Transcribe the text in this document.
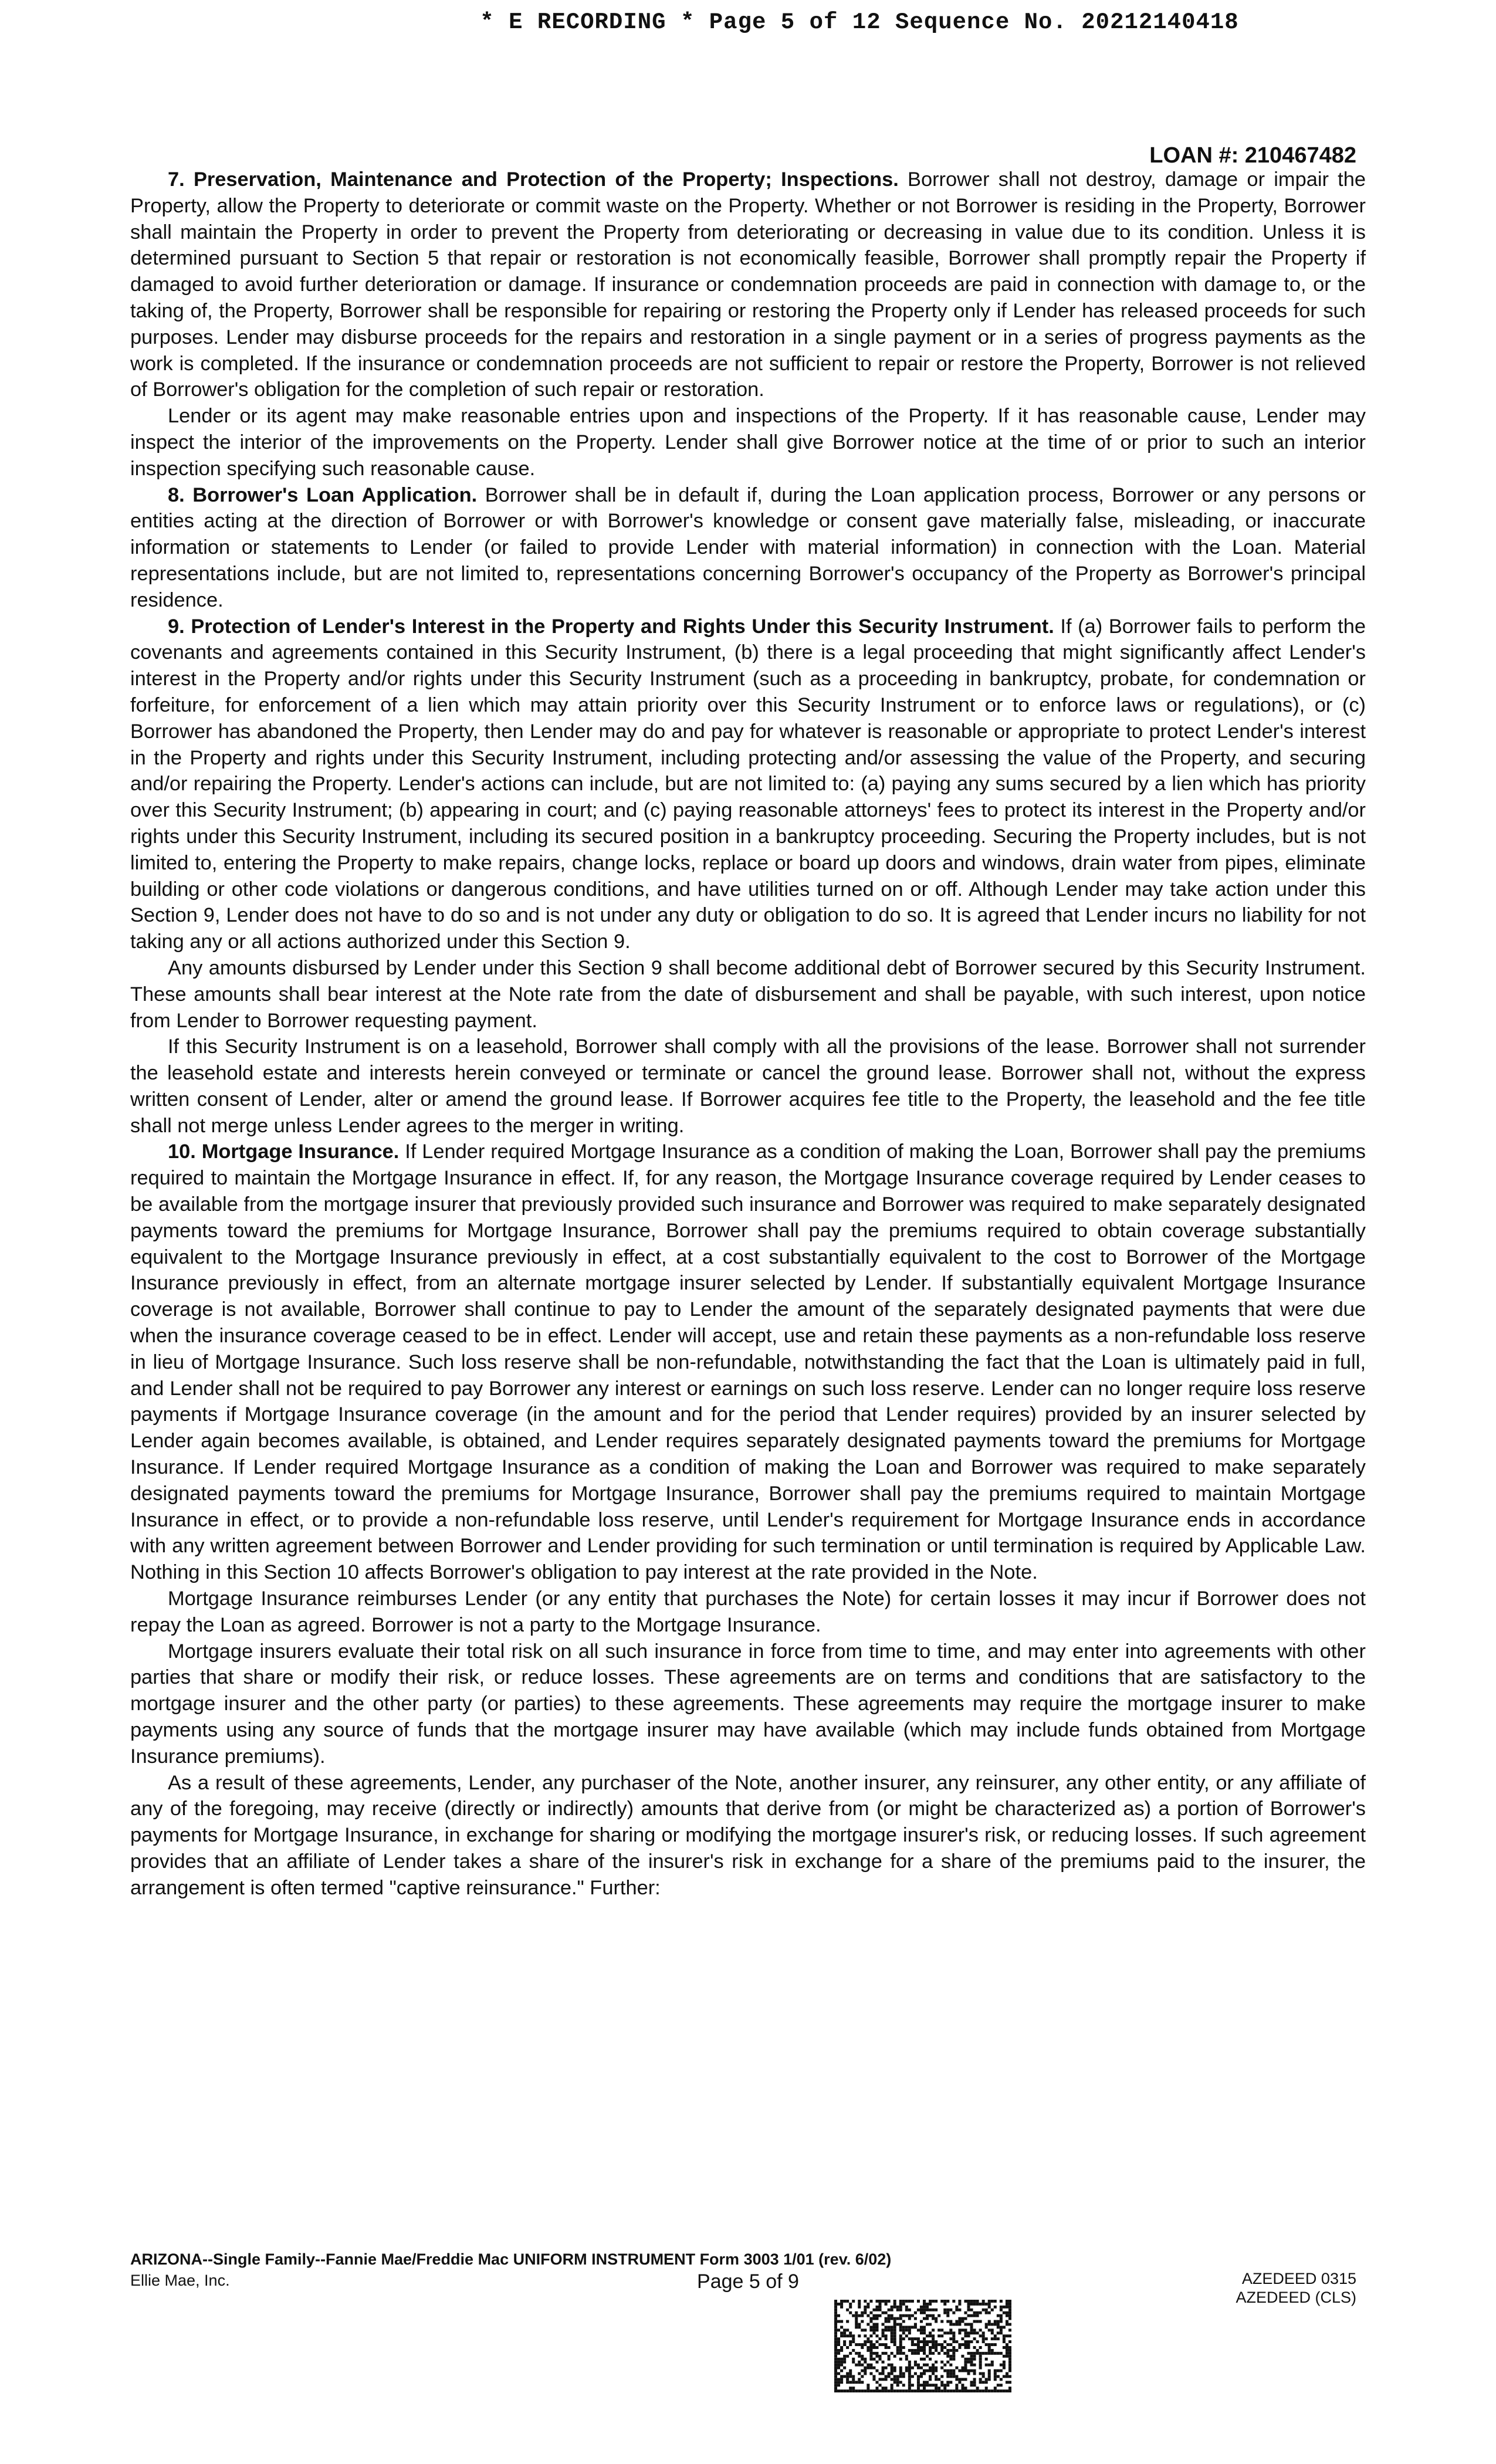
* E RECORDING * Page 5 of 12 Sequence No. 20212140418
LOAN #: 210467482

7. Preservation, Maintenance and Protection of the Property; Inspections. Borrower shall not destroy, damage or impair the Property, allow the Property to deteriorate or commit waste on the Property. Whether or not Borrower is residing in the Property, Borrower shall maintain the Property in order to prevent the Property from deteriorating or decreasing in value due to its condition. Unless it is determined pursuant to Section 5 that repair or restoration is not economically feasible, Borrower shall promptly repair the Property if damaged to avoid further deterioration or damage. If insurance or condemnation proceeds are paid in connection with damage to, or the taking of, the Property, Borrower shall be responsible for repairing or restoring the Property only if Lender has released proceeds for such purposes. Lender may disburse proceeds for the repairs and restoration in a single payment or in a series of progress payments as the work is completed. If the insurance or condemnation proceeds are not sufficient to repair or restore the Property, Borrower is not relieved of Borrower's obligation for the completion of such repair or restoration.

Lender or its agent may make reasonable entries upon and inspections of the Property. If it has reasonable cause, Lender may inspect the interior of the improvements on the Property. Lender shall give Borrower notice at the time of or prior to such an interior inspection specifying such reasonable cause.

8. Borrower's Loan Application. Borrower shall be in default if, during the Loan application process, Borrower or any persons or entities acting at the direction of Borrower or with Borrower's knowledge or consent gave materially false, misleading, or inaccurate information or statements to Lender (or failed to provide Lender with material information) in connection with the Loan. Material representations include, but are not limited to, representations concerning Borrower's occupancy of the Property as Borrower's principal residence.

9. Protection of Lender's Interest in the Property and Rights Under this Security Instrument. If (a) Borrower fails to perform the covenants and agreements contained in this Security Instrument, (b) there is a legal proceeding that might significantly affect Lender's interest in the Property and/or rights under this Security Instrument (such as a proceeding in bankruptcy, probate, for condemnation or forfeiture, for enforcement of a lien which may attain priority over this Security Instrument or to enforce laws or regulations), or (c) Borrower has abandoned the Property, then Lender may do and pay for whatever is reasonable or appropriate to protect Lender's interest in the Property and rights under this Security Instrument, including protecting and/or assessing the value of the Property, and securing and/or repairing the Property. Lender's actions can include, but are not limited to: (a) paying any sums secured by a lien which has priority over this Security Instrument; (b) appearing in court; and (c) paying reasonable attorneys' fees to protect its interest in the Property and/or rights under this Security Instrument, including its secured position in a bankruptcy proceeding. Securing the Property includes, but is not limited to, entering the Property to make repairs, change locks, replace or board up doors and windows, drain water from pipes, eliminate building or other code violations or dangerous conditions, and have utilities turned on or off. Although Lender may take action under this Section 9, Lender does not have to do so and is not under any duty or obligation to do so. It is agreed that Lender incurs no liability for not taking any or all actions authorized under this Section 9.

Any amounts disbursed by Lender under this Section 9 shall become additional debt of Borrower secured by this Security Instrument. These amounts shall bear interest at the Note rate from the date of disbursement and shall be payable, with such interest, upon notice from Lender to Borrower requesting payment.

If this Security Instrument is on a leasehold, Borrower shall comply with all the provisions of the lease. Borrower shall not surrender the leasehold estate and interests herein conveyed or terminate or cancel the ground lease. Borrower shall not, without the express written consent of Lender, alter or amend the ground lease. If Borrower acquires fee title to the Property, the leasehold and the fee title shall not merge unless Lender agrees to the merger in writing.

10. Mortgage Insurance. If Lender required Mortgage Insurance as a condition of making the Loan, Borrower shall pay the premiums required to maintain the Mortgage Insurance in effect. If, for any reason, the Mortgage Insurance coverage required by Lender ceases to be available from the mortgage insurer that previously provided such insurance and Borrower was required to make separately designated payments toward the premiums for Mortgage Insurance, Borrower shall pay the premiums required to obtain coverage substantially equivalent to the Mortgage Insurance previously in effect, at a cost substantially equivalent to the cost to Borrower of the Mortgage Insurance previously in effect, from an alternate mortgage insurer selected by Lender. If substantially equivalent Mortgage Insurance coverage is not available, Borrower shall continue to pay to Lender the amount of the separately designated payments that were due when the insurance coverage ceased to be in effect. Lender will accept, use and retain these payments as a non-refundable loss reserve in lieu of Mortgage Insurance. Such loss reserve shall be non-refundable, notwithstanding the fact that the Loan is ultimately paid in full, and Lender shall not be required to pay Borrower any interest or earnings on such loss reserve. Lender can no longer require loss reserve payments if Mortgage Insurance coverage (in the amount and for the period that Lender requires) provided by an insurer selected by Lender again becomes available, is obtained, and Lender requires separately designated payments toward the premiums for Mortgage Insurance. If Lender required Mortgage Insurance as a condition of making the Loan and Borrower was required to make separately designated payments toward the premiums for Mortgage Insurance, Borrower shall pay the premiums required to maintain Mortgage Insurance in effect, or to provide a non-refundable loss reserve, until Lender's requirement for Mortgage Insurance ends in accordance with any written agreement between Borrower and Lender providing for such termination or until termination is required by Applicable Law. Nothing in this Section 10 affects Borrower's obligation to pay interest at the rate provided in the Note.

Mortgage Insurance reimburses Lender (or any entity that purchases the Note) for certain losses it may incur if Borrower does not repay the Loan as agreed. Borrower is not a party to the Mortgage Insurance.

Mortgage insurers evaluate their total risk on all such insurance in force from time to time, and may enter into agreements with other parties that share or modify their risk, or reduce losses. These agreements are on terms and conditions that are satisfactory to the mortgage insurer and the other party (or parties) to these agreements. These agreements may require the mortgage insurer to make payments using any source of funds that the mortgage insurer may have available (which may include funds obtained from Mortgage Insurance premiums).

As a result of these agreements, Lender, any purchaser of the Note, another insurer, any reinsurer, any other entity, or any affiliate of any of the foregoing, may receive (directly or indirectly) amounts that derive from (or might be characterized as) a portion of Borrower's payments for Mortgage Insurance, in exchange for sharing or modifying the mortgage insurer's risk, or reducing losses. If such agreement provides that an affiliate of Lender takes a share of the insurer's risk in exchange for a share of the premiums paid to the insurer, the arrangement is often termed "captive reinsurance." Further:

ARIZONA--Single Family--Fannie Mae/Freddie Mac UNIFORM INSTRUMENT Form 3003 1/01 (rev. 6/02)
Ellie Mae, Inc.	Page 5 of 9	AZEDEED 0315
AZEDEED (CLS)
